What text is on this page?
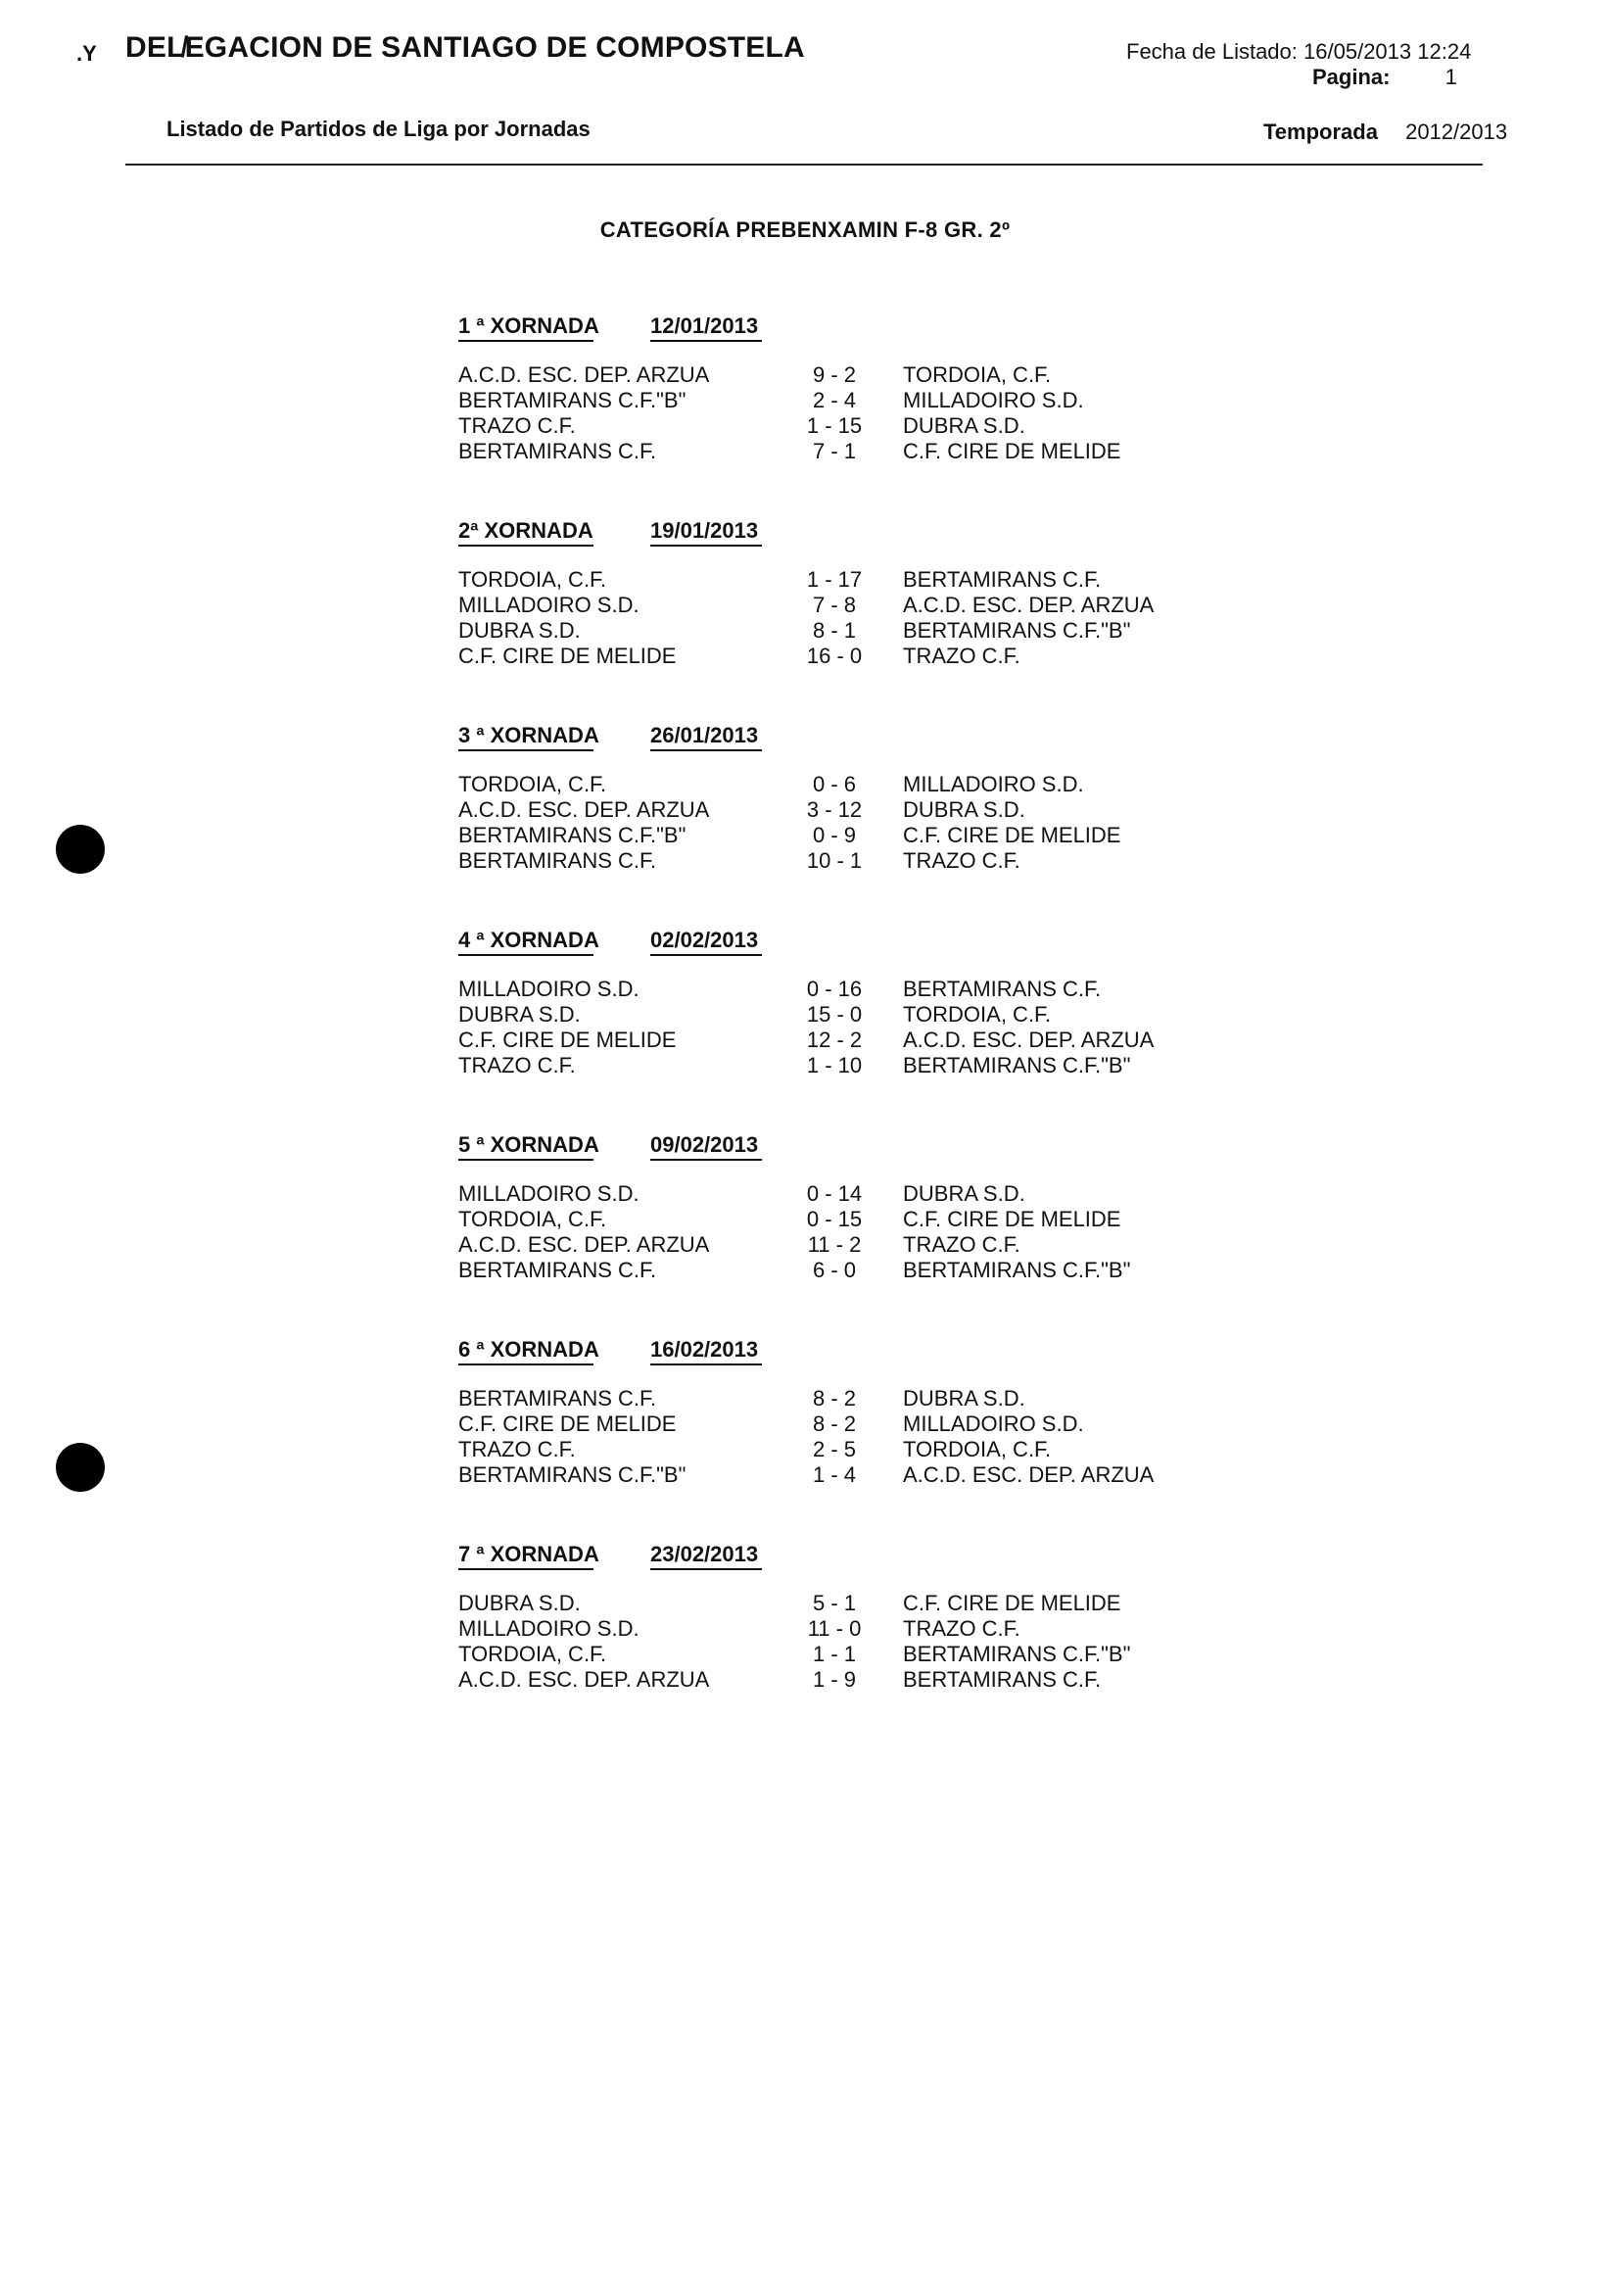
.Y DEL̸EGACION DE SANTIAGO DE COMPOSTELA	Fecha de Listado: 16/05/2013 12:24
Pagina:	1
Listado de Partidos de Liga por Jornadas	Temporada 2012/2013
CATEGORÍA PREBENXAMIN F-8 GR. 2º
1 ª XORNADA 12/01/2013
A.C.D. ESC. DEP. ARZUA	9 - 2	TORDOIA, C.F.
BERTAMIRANS C.F."B"	2 - 4	MILLADOIRO S.D.
TRAZO C.F.	1 - 15	DUBRA S.D.
BERTAMIRANS C.F.	7 - 1	C.F. CIRE DE MELIDE
2ª XORNADA	19/01/2013
TORDOIA, C.F.	1 - 17	BERTAMIRANS C.F.
MILLADOIRO S.D.	7 - 8	A.C.D. ESC. DEP. ARZUA
DUBRA S.D.	8 - 1	BERTAMIRANS C.F."B"
C.F. CIRE DE MELIDE	16 - 0	TRAZO C.F.
3 ª XORNADA 26/01/2013
TORDOIA, C.F.	0 - 6	MILLADOIRO S.D.
A.C.D. ESC. DEP. ARZUA	3 - 12	DUBRA S.D.
BERTAMIRANS C.F."B"	0 - 9	C.F. CIRE DE MELIDE
BERTAMIRANS C.F.	10 - 1	TRAZO C.F.
4 ª XORNADA 02/02/2013
MILLADOIRO S.D.	0 - 16	BERTAMIRANS C.F.
DUBRA S.D.	15 - 0	TORDOIA, C.F.
C.F. CIRE DE MELIDE	12 - 2	A.C.D. ESC. DEP. ARZUA
TRAZO C.F.	1 - 10	BERTAMIRANS C.F."B"
5 ª XORNADA 09/02/2013
MILLADOIRO S.D.	0 - 14	DUBRA S.D.
TORDOIA, C.F.	0 - 15	C.F. CIRE DE MELIDE
A.C.D. ESC. DEP. ARZUA	11 - 2	TRAZO C.F.
BERTAMIRANS C.F.	6 - 0	BERTAMIRANS C.F."B"
6 ª XORNADA 16/02/2013
BERTAMIRANS C.F.	8 - 2	DUBRA S.D.
C.F. CIRE DE MELIDE	8 - 2	MILLADOIRO S.D.
TRAZO C.F.	2 - 5	TORDOIA, C.F.
BERTAMIRANS C.F."B"	1 - 4	A.C.D. ESC. DEP. ARZUA
7 ª XORNADA 23/02/2013
DUBRA S.D.	5 - 1	C.F. CIRE DE MELIDE
MILLADOIRO S.D.	11 - 0	TRAZO C.F.
TORDOIA, C.F.	1 - 1	BERTAMIRANS C.F."B"
A.C.D. ESC. DEP. ARZUA	1 - 9	BERTAMIRANS C.F.
